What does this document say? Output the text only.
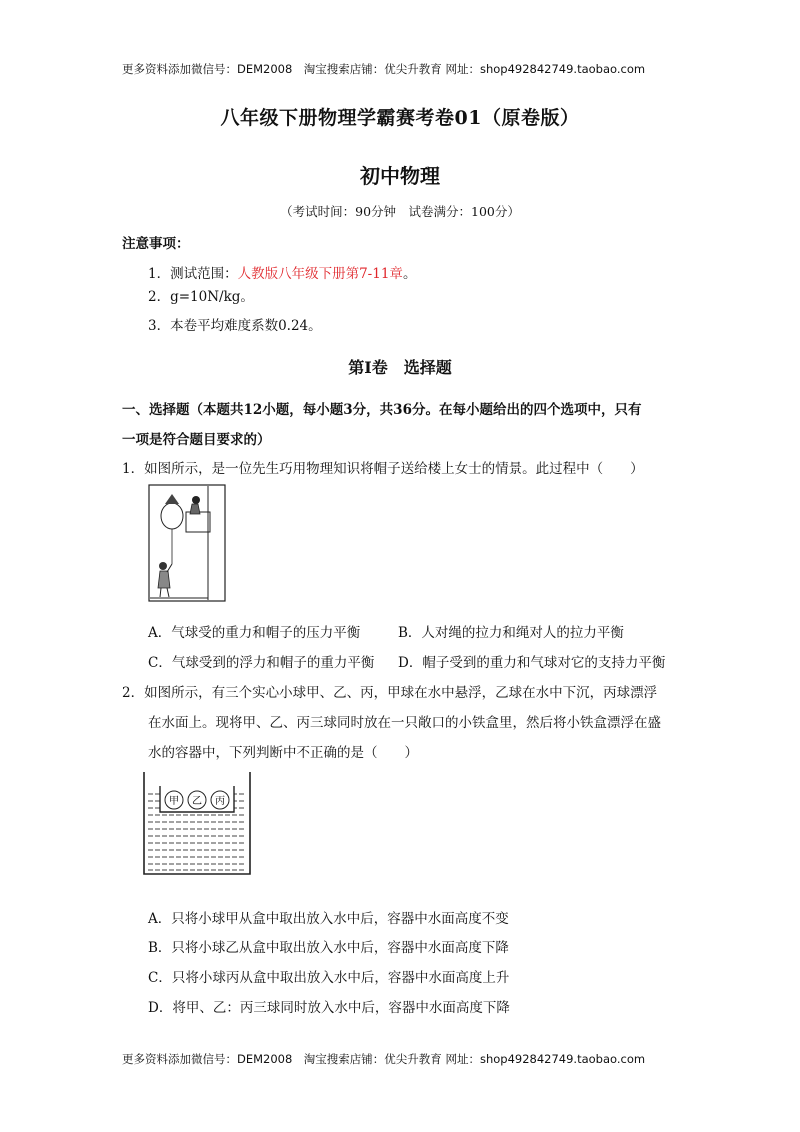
更多资料添加微信号：DEM2008　淘宝搜索店铺：优尖升教育 网址：shop492842749.taobao.com
八年级下册物理学霸赛考卷01（原卷版）
初中物理
（考试时间：90分钟　试卷满分：100分）
注意事项：
1．测试范围：人教版八年级下册第7-11章。
2．g=10N/kg。
3．本卷平均难度系数0.24。
第Ⅰ卷　选择题
一、选择题（本题共12小题，每小题3分，共36分。在每小题给出的四个选项中，只有
一项是符合题目要求的）
1．如图所示，是一位先生巧用物理知识将帽子送给楼上女士的情景。此过程中（　　）
A．气球受的重力和帽子的压力平衡	B．人对绳的拉力和绳对人的拉力平衡
C．气球受到的浮力和帽子的重力平衡 D．帽子受到的重力和气球对它的支持力平衡
2．如图所示，有三个实心小球甲、乙、丙，甲球在水中悬浮，乙球在水中下沉，丙球漂浮
在水面上。现将甲、乙、丙三球同时放在一只敞口的小铁盒里，然后将小铁盒漂浮在盛
水的容器中，下列判断中不正确的是（　　）
甲 乙 丙
A．只将小球甲从盒中取出放入水中后，容器中水面高度不变
B．只将小球乙从盒中取出放入水中后，容器中水面高度下降
C．只将小球丙从盒中取出放入水中后，容器中水面高度上升
D．将甲、乙：丙三球同时放入水中后，容器中水面高度下降
更多资料添加微信号：DEM2008　淘宝搜索店铺：优尖升教育 网址：shop492842749.taobao.com
